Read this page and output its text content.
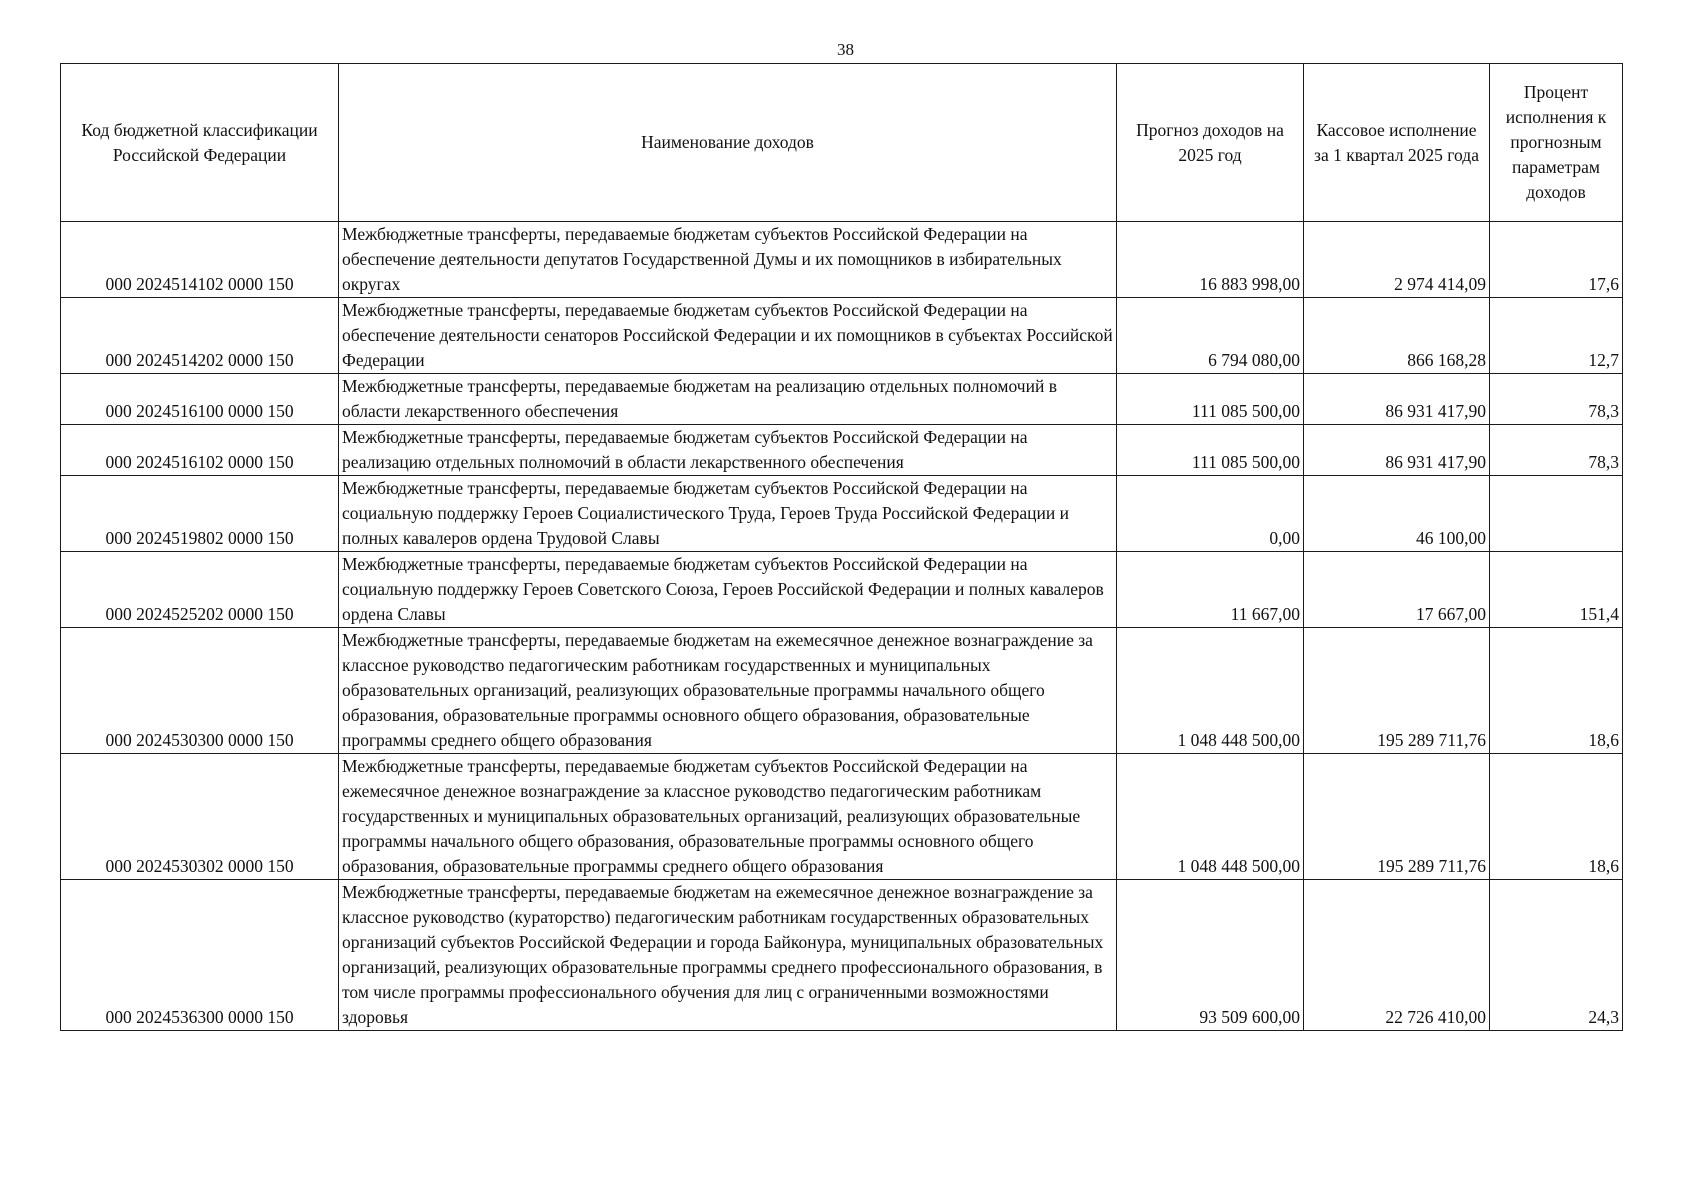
38
Код бюджетной классификации Российской Федерации	Наименование доходов	Прогноз доходов на 2025 год	Кассовое исполнение за 1 квартал 2025 года	Процент исполнения к прогнозным параметрам доходов
000 2024514102 0000 150	Межбюджетные трансферты, передаваемые бюджетам субъектов Российской Федерации на обеспечение деятельности депутатов Государственной Думы и их помощников в избирательных округах	16 883 998,00	2 974 414,09	17,6
000 2024514202 0000 150	Межбюджетные трансферты, передаваемые бюджетам субъектов Российской Федерации на обеспечение деятельности сенаторов Российской Федерации и их помощников в субъектах Российской Федерации	6 794 080,00	866 168,28	12,7
000 2024516100 0000 150	Межбюджетные трансферты, передаваемые бюджетам на реализацию отдельных полномочий в области лекарственного обеспечения	111 085 500,00	86 931 417,90	78,3
000 2024516102 0000 150	Межбюджетные трансферты, передаваемые бюджетам субъектов Российской Федерации на реализацию отдельных полномочий в области лекарственного обеспечения	111 085 500,00	86 931 417,90	78,3
000 2024519802 0000 150	Межбюджетные трансферты, передаваемые бюджетам субъектов Российской Федерации на социальную поддержку Героев Социалистического Труда, Героев Труда Российской Федерации и полных кавалеров ордена Трудовой Славы	0,00	46 100,00	
000 2024525202 0000 150	Межбюджетные трансферты, передаваемые бюджетам субъектов Российской Федерации на социальную поддержку Героев Советского Союза, Героев Российской Федерации и полных кавалеров ордена Славы	11 667,00	17 667,00	151,4
000 2024530300 0000 150	Межбюджетные трансферты, передаваемые бюджетам на ежемесячное денежное вознаграждение за классное руководство педагогическим работникам государственных и муниципальных образовательных организаций, реализующих образовательные программы начального общего образования, образовательные программы основного общего образования, образовательные программы среднего общего образования	1 048 448 500,00	195 289 711,76	18,6
000 2024530302 0000 150	Межбюджетные трансферты, передаваемые бюджетам субъектов Российской Федерации на ежемесячное денежное вознаграждение за классное руководство педагогическим работникам государственных и муниципальных образовательных организаций, реализующих образовательные программы начального общего образования, образовательные программы основного общего образования, образовательные программы среднего общего образования	1 048 448 500,00	195 289 711,76	18,6
000 2024536300 0000 150	Межбюджетные трансферты, передаваемые бюджетам на ежемесячное денежное вознаграждение за классное руководство (кураторство) педагогическим работникам государственных образовательных организаций субъектов Российской Федерации и города Байконура, муниципальных образовательных организаций, реализующих образовательные программы среднего профессионального образования, в том числе программы профессионального обучения для лиц с ограниченными возможностями здоровья	93 509 600,00	22 726 410,00	24,3
